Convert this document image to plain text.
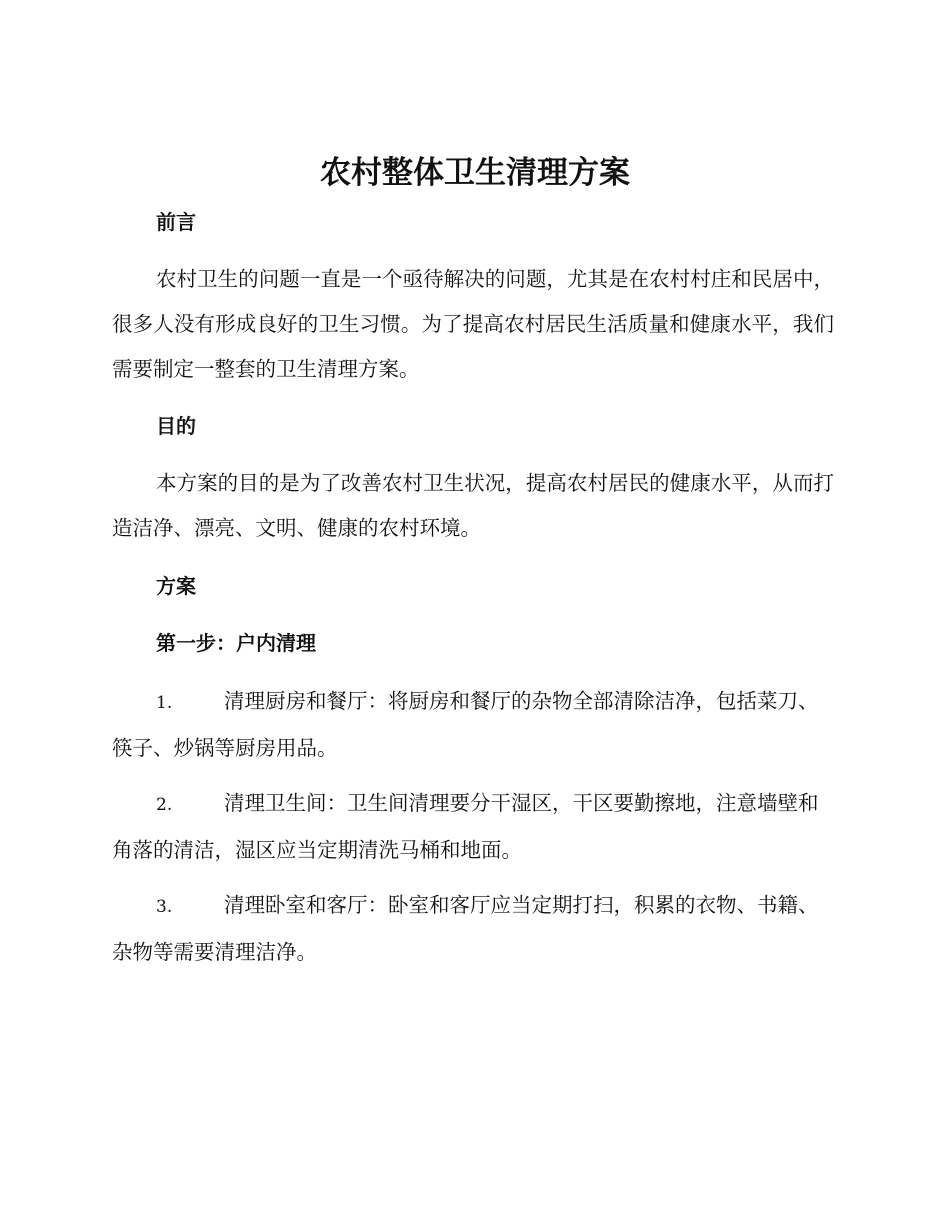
农村整体卫生清理方案
前言

农村卫生的问题一直是一个亟待解决的问题，尤其是在农村村庄和民居中，很多人没有形成良好的卫生习惯。为了提高农村居民生活质量和健康水平，我们需要制定一整套的卫生清理方案。

目的

本方案的目的是为了改善农村卫生状况，提高农村居民的健康水平，从而打造洁净、漂亮、文明、健康的农村环境。

方案
第一步：户内清理

1.	清理厨房和餐厅：将厨房和餐厅的杂物全部清除洁净，包括菜刀、筷子、炒锅等厨房用品。

2.	清理卫生间：卫生间清理要分干湿区，干区要勤擦地，注意墙壁和角落的清洁，湿区应当定期清洗马桶和地面。

3.	清理卧室和客厅：卧室和客厅应当定期打扫，积累的衣物、书籍、杂物等需要清理洁净。
